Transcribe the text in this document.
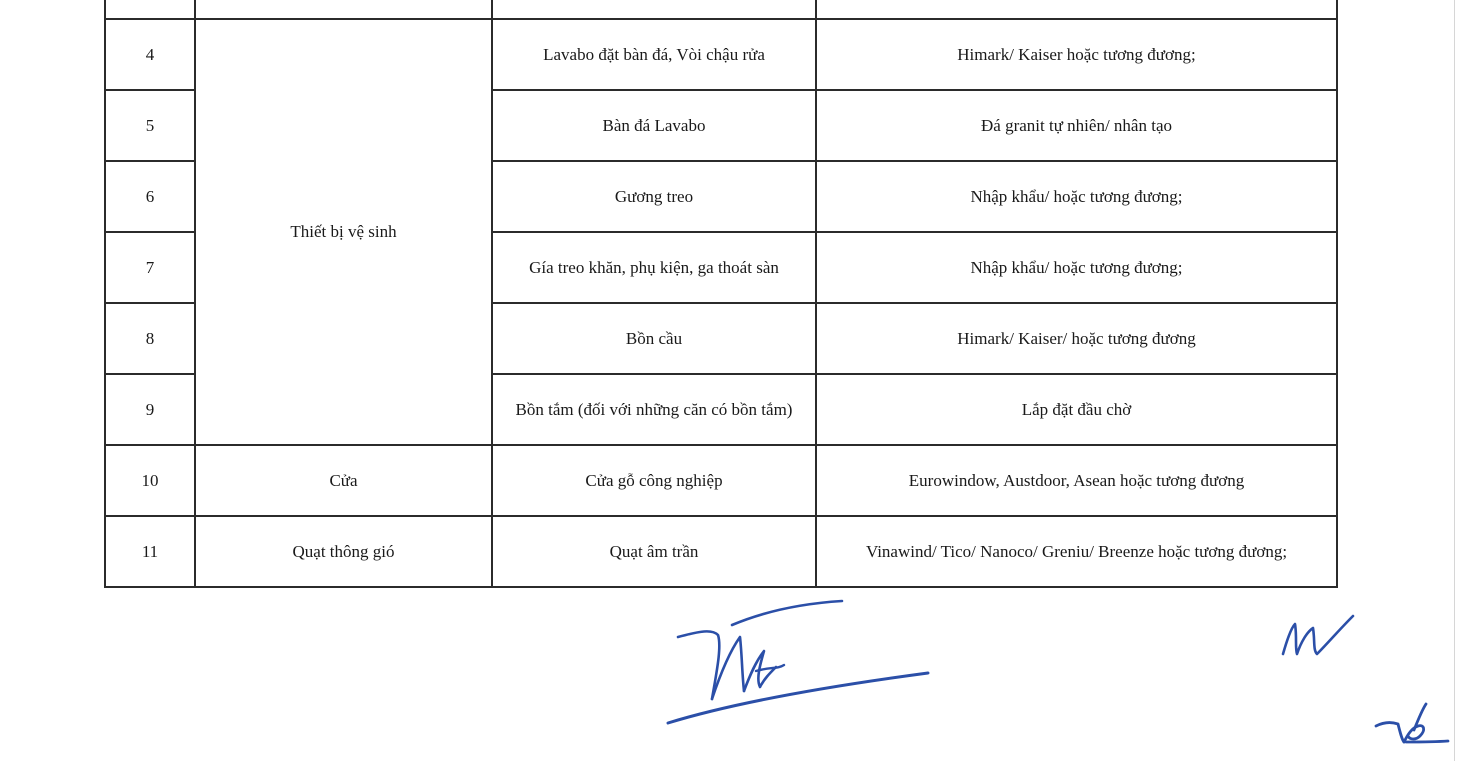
4	Thiết bị vệ sinh	Lavabo đặt bàn đá, Vòi chậu rửa	Himark/ Kaiser hoặc tương đương;
5		Bàn đá Lavabo	Đá granit tự nhiên/ nhân tạo
6		Gương treo	Nhập khẩu/ hoặc tương đương;
7		Gía treo khăn, phụ kiện, ga thoát sàn	Nhập khẩu/ hoặc tương đương;
8		Bồn cầu	Himark/ Kaiser/ hoặc tương đương
9		Bồn tắm (đối với những căn có bồn tắm)	Lắp đặt đầu chờ
10	Cửa	Cửa gỗ công nghiệp	Eurowindow, Austdoor, Asean hoặc tương đương
11	Quạt thông gió	Quạt âm trần	Vinawind/ Tico/ Nanoco/ Greniu/ Breenze hoặc tương đương;
